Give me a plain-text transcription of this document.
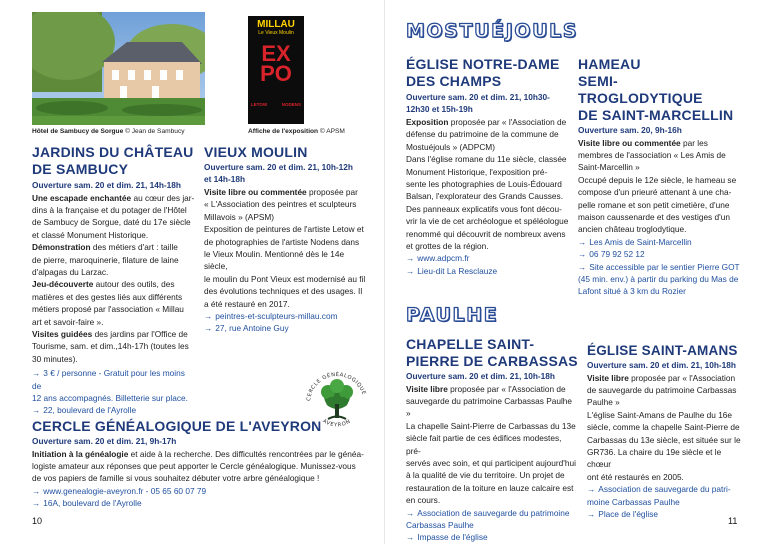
Hôtel de Sambucy de Sorgue © Jean de Sambucy
MILLAU
Le Vieux Moulin
EX
PO
LETOW	NODENS
Affiche de l'exposition © APSM
JARDINS DU CHÂTEAU
DE SAMBUCY
Ouverture sam. 20 et dim. 21, 14h-18h
Une escapade enchantée au cœur des jar-
dins à la française et du potager de l'Hôtel
de Sambucy de Sorgue, daté du 17e siècle
et classé Monument Historique.
Démonstration des métiers d'art : taille
de pierre, maroquinerie, filature de laine
d'alpagas du Larzac.
Jeu-découverte autour des outils, des
matières et des gestes liés aux différents
métiers proposé par l'association « Millau
art et savoir-faire ».
Visites guidées des jardins par l'Office de
Tourisme, sam. et dim.,14h-17h (toutes les
30 minutes).
→ 3 € / personne - Gratuit pour les moins de
12 ans accompagnés. Billetterie sur place.
→ 22, boulevard de l'Ayrolle
VIEUX MOULIN
Ouverture sam. 20 et dim. 21, 10h-12h
et 14h-18h
Visite libre ou commentée proposée par
« L'Association des peintres et sculpteurs
Millavois » (APSM)
Exposition de peintures de l'artiste Letow et
de photographies de l'artiste Nodens dans
le Vieux Moulin. Mentionné dès le 14e siècle,
le moulin du Pont Vieux est modernisé au fil
des évolutions techniques et des usages. Il
a été restauré en 2017.
→ peintres-et-sculpteurs-millau.com
→ 27, rue Antoine Guy
CERCLE GÉNÉALOGIQUE
AVEYRON
CERCLE GÉNÉALOGIQUE DE L'AVEYRON
Ouverture sam. 20 et dim. 21, 9h-17h
Initiation à la généalogie et aide à la recherche. Des difficultés rencontrées par le généa-
logiste amateur aux réponses que peut apporter le Cercle généalogique. Munissez-vous
de vos papiers de famille si vous souhaitez débuter votre arbre généalogique !
→ www.genealogie-aveyron.fr - 05 65 60 07 79
→ 16A, boulevard de l'Ayrolle
10
MOSTUÉJOULS
ÉGLISE NOTRE-DAME
DES CHAMPS
Ouverture sam. 20 et dim. 21, 10h30-
12h30 et 15h-19h
Exposition proposée par « l'Association de
défense du patrimoine de la commune de
Mostuéjouls » (ADPCM)
Dans l'église romane du 11e siècle, classée
Monument Historique, l'exposition pré-
sente les photographies de Louis-Édouard
Balsan, l'explorateur des Grands Causses.
Des panneaux explicatifs vous font décou-
vrir la vie de cet archéologue et spéléologue
renommé qui découvrit de nombreux avens
et grottes de la région.
→ www.adpcm.fr
→ Lieu-dit La Resclauze
HAMEAU
SEMI-TROGLODYTIQUE
DE SAINT-MARCELLIN
Ouverture sam. 20, 9h-16h
Visite libre ou commentée par les
membres de l'association « Les Amis de
Saint-Marcellin »
Occupé depuis le 12e siècle, le hameau se
compose d'un prieuré attenant à une cha-
pelle romane et son petit cimetière, d'une
maison caussenarde et des vestiges d'un
ancien château troglodytique.
→ Les Amis de Saint-Marcellin
→ 06 79 92 52 12
→ Site accessible par le sentier Pierre GOT
(45 min. env.) à partir du parking du Mas de
Lafont situé à 3 km du Rozier
PAULHE
CHAPELLE SAINT-
PIERRE DE CARBASSAS
Ouverture sam. 20 et dim. 21, 10h-18h
Visite libre proposée par « l'Association de
sauvegarde du patrimoine Carbassas Paulhe »
La chapelle Saint-Pierre de Carbassas du 13e
siècle fait partie de ces édifices modestes, pré-
servés avec soin, et qui participent aujourd'hui
à la qualité de vie du territoire. Un projet de
restauration de la toiture en lauze calcaire est
en cours.
→ Association de sauvegarde du patrimoine
Carbassas Paulhe
→ Impasse de l'église
ÉGLISE SAINT-AMANS
Ouverture sam. 20 et dim. 21, 10h-18h
Visite libre proposée par « l'Association
de sauvegarde du patrimoine Carbassas
Paulhe »
L'église Saint-Amans de Paulhe du 16e
siècle, comme la chapelle Saint-Pierre de
Carbassas du 13e siècle, est située sur le
GR736. La chaire du 19e siècle et le chœur
ont été restaurés en 2005.
→ Association de sauvegarde du patri-
moine Carbassas Paulhe
→ Place de l'église
11
